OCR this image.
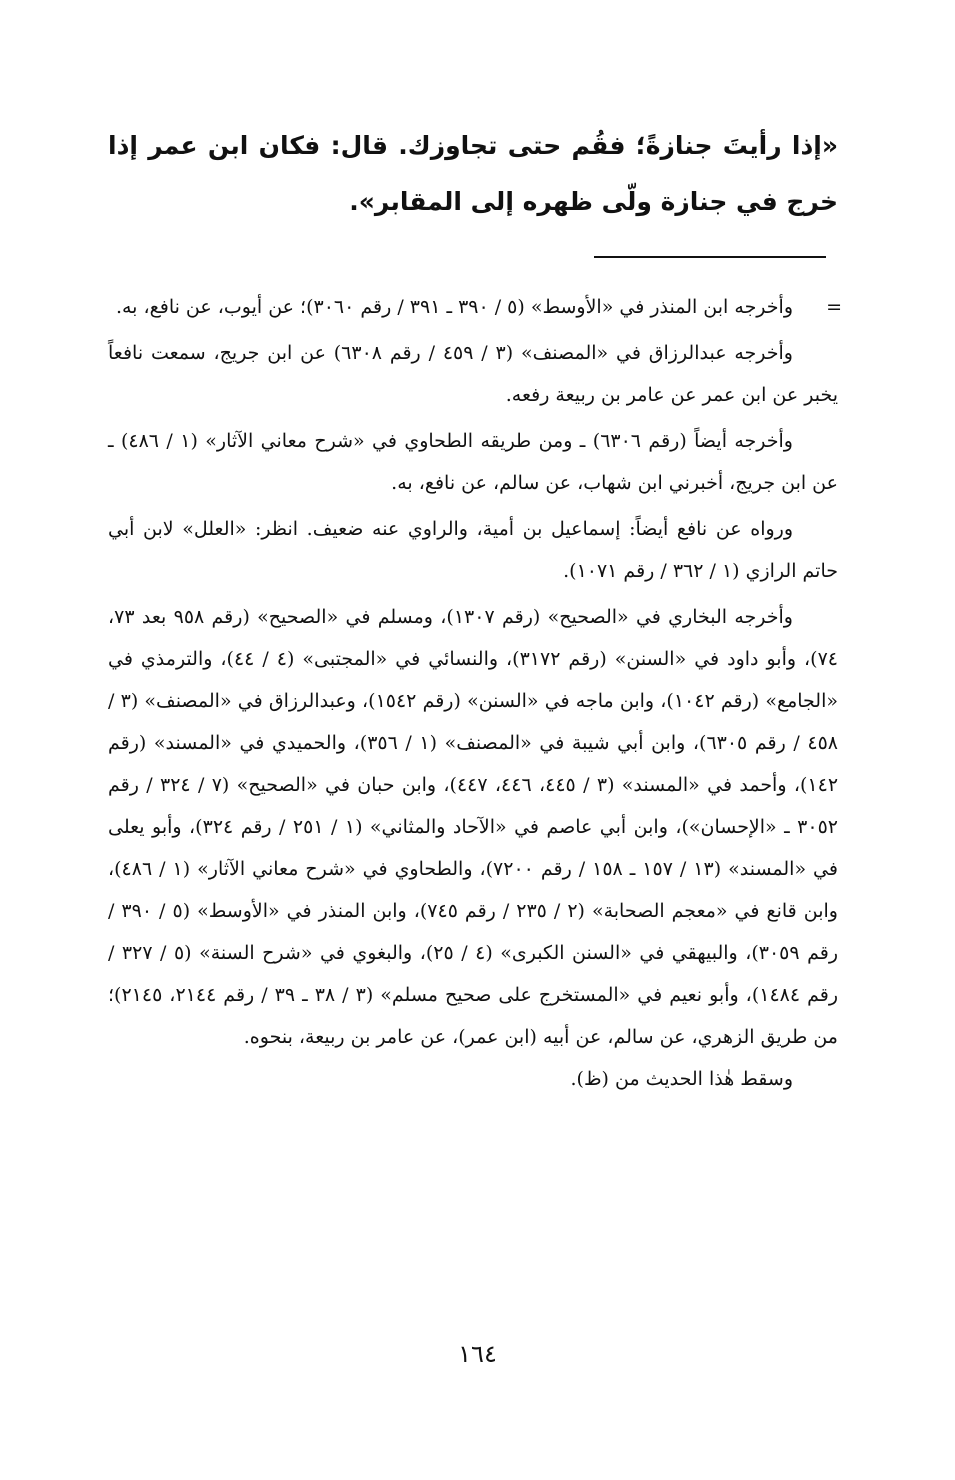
«إذا رأيتَ جنازةً؛ فقُم حتى تجاوزك. قال: فكان ابن عمر إذا خرج في جنازة ولّى ظهره إلى المقابر».
=

وأخرجه ابن المنذر في «الأوسط» (٥ / ٣٩٠ ـ ٣٩١ / رقم ٣٠٦٠)؛ عن أيوب، عن نافع، به.

وأخرجه عبدالرزاق في «المصنف» (٣ / ٤٥٩ / رقم ٦٣٠٨) عن ابن جريج، سمعت نافعاً يخبر عن ابن عمر عن عامر بن ربيعة رفعه.

وأخرجه أيضاً (رقم ٦٣٠٦) ـ ومن طريقه الطحاوي في «شرح معاني الآثار» (١ / ٤٨٦) ـ عن ابن جريج، أخبرني ابن شهاب، عن سالم، عن نافع، به.

ورواه عن نافع أيضاً: إسماعيل بن أمية، والراوي عنه ضعيف. انظر: «العلل» لابن أبي حاتم الرازي (١ / ٣٦٢ / رقم ١٠٧١).

وأخرجه البخاري في «الصحيح» (رقم ١٣٠٧)، ومسلم في «الصحيح» (رقم ٩٥٨ بعد ٧٣، ٧٤)، وأبو داود في «السنن» (رقم ٣١٧٢)، والنسائي في «المجتبى» (٤ / ٤٤)، والترمذي في «الجامع» (رقم ١٠٤٢)، وابن ماجه في «السنن» (رقم ١٥٤٢)، وعبدالرزاق في «المصنف» (٣ / ٤٥٨ / رقم ٦٣٠٥)، وابن أبي شيبة في «المصنف» (١ / ٣٥٦)، والحميدي في «المسند» (رقم ١٤٢)، وأحمد في «المسند» (٣ / ٤٤٥، ٤٤٦، ٤٤٧)، وابن حبان في «الصحيح» (٧ / ٣٢٤ / رقم ٣٠٥٢ ـ «الإحسان»)، وابن أبي عاصم في «الآحاد والمثاني» (١ / ٢٥١ / رقم ٣٢٤)، وأبو يعلى في «المسند» (١٣ / ١٥٧ ـ ١٥٨ / رقم ٧٢٠٠)، والطحاوي في «شرح معاني الآثار» (١ / ٤٨٦)، وابن قانع في «معجم الصحابة» (٢ / ٢٣٥ / رقم ٧٤٥)، وابن المنذر في «الأوسط» (٥ / ٣٩٠ / رقم ٣٠٥٩)، والبيهقي في «السنن الكبرى» (٤ / ٢٥)، والبغوي في «شرح السنة» (٥ / ٣٢٧ / رقم ١٤٨٤)، وأبو نعيم في «المستخرج على صحيح مسلم» (٣ / ٣٨ ـ ٣٩ / رقم ٢١٤٤، ٢١٤٥)؛ من طريق الزهري، عن سالم، عن أبيه (ابن عمر)، عن عامر بن ربيعة، بنحوه.

وسقط هٰذا الحديث من (ظ).

١٦٤
